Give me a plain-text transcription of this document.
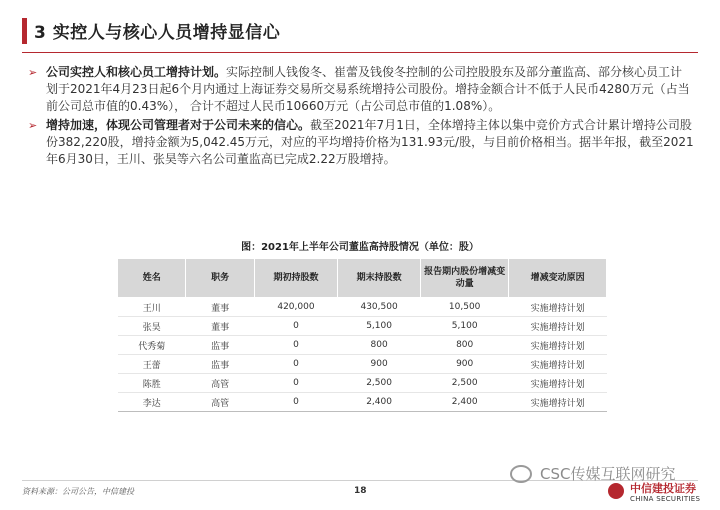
3 实控人与核心人员增持显信心
➢ 公司实控人和核心员工增持计划。实际控制人钱俊冬、崔蕾及钱俊冬控制的公司控股股东及部分董监高、部分核心员工计划于2021年4月23日起6个月内通过上海证券交易所交易系统增持公司股份。增持金额合计不低于人民币4280万元（占当前公司总市值的0.43%）， 合计不超过人民币10660万元（占公司总市值的1.08%）。
➢ 增持加速，体现公司管理者对于公司未来的信心。截至2021年7月1日，全体增持主体以集中竞价方式合计累计增持公司股份382,220股，增持金额为5,042.45万元，对应的平均增持价格为131.93元/股，与目前价格相当。据半年报，截至2021年6月30日，王川、张昊等六名公司董监高已完成2.22万股增持。
图：2021年上半年公司董监高持股情况（单位：股）
姓名	职务	期初持股数	期末持股数	报告期内股份增减变动量	增减变动原因
王川	董事	420,000	430,500	10,500	实施增持计划
张昊	董事	0	5,100	5,100	实施增持计划
代秀菊	监事	0	800	800	实施增持计划
王蕾	监事	0	900	900	实施增持计划
陈胜	高管	0	2,500	2,500	实施增持计划
李达	高管	0	2,400	2,400	实施增持计划
资料来源：公司公告，中信建投	18
CSC传媒互联网研究
中信建投证券
CHINA SECURITIES
